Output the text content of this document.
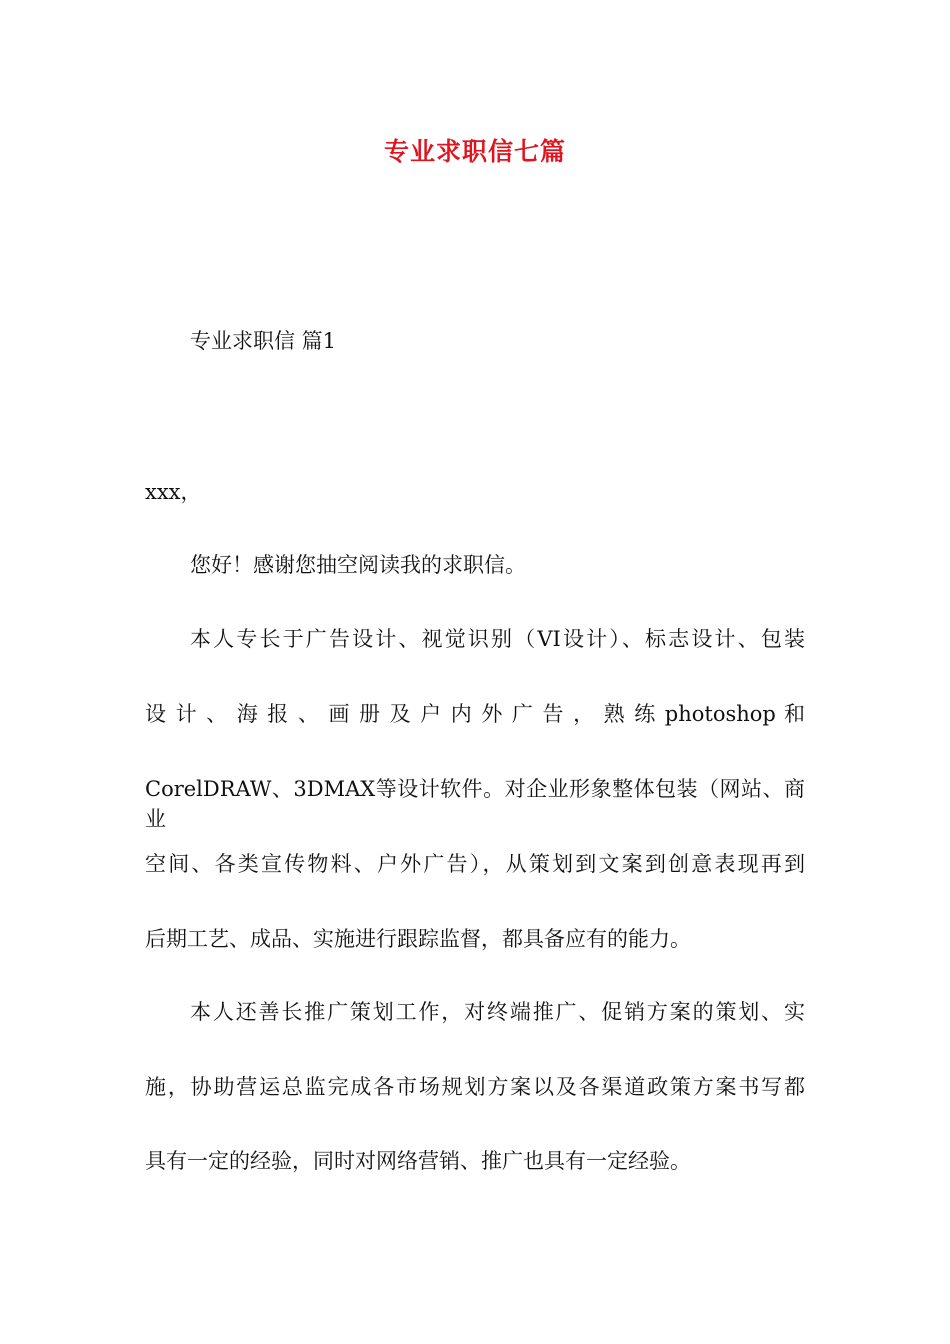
专业求职信七篇
专业求职信 篇1
xxx，
您好！感谢您抽空阅读我的求职信。
本人专长于广告设计、视觉识别（VI设计）、标志设计、包装
设 计 、 海 报 、 画 册 及 户 内 外 广 告 ， 熟 练 photoshop 和
CorelDRAW、3DMAX等设计软件。对企业形象整体包装（网站、商业
空间、各类宣传物料、户外广告），从策划到文案到创意表现再到
后期工艺、成品、实施进行跟踪监督，都具备应有的能力。
本人还善长推广策划工作，对终端推广、促销方案的策划、实
施，协助营运总监完成各市场规划方案以及各渠道政策方案书写都
具有一定的经验，同时对网络营销、推广也具有一定经验。
